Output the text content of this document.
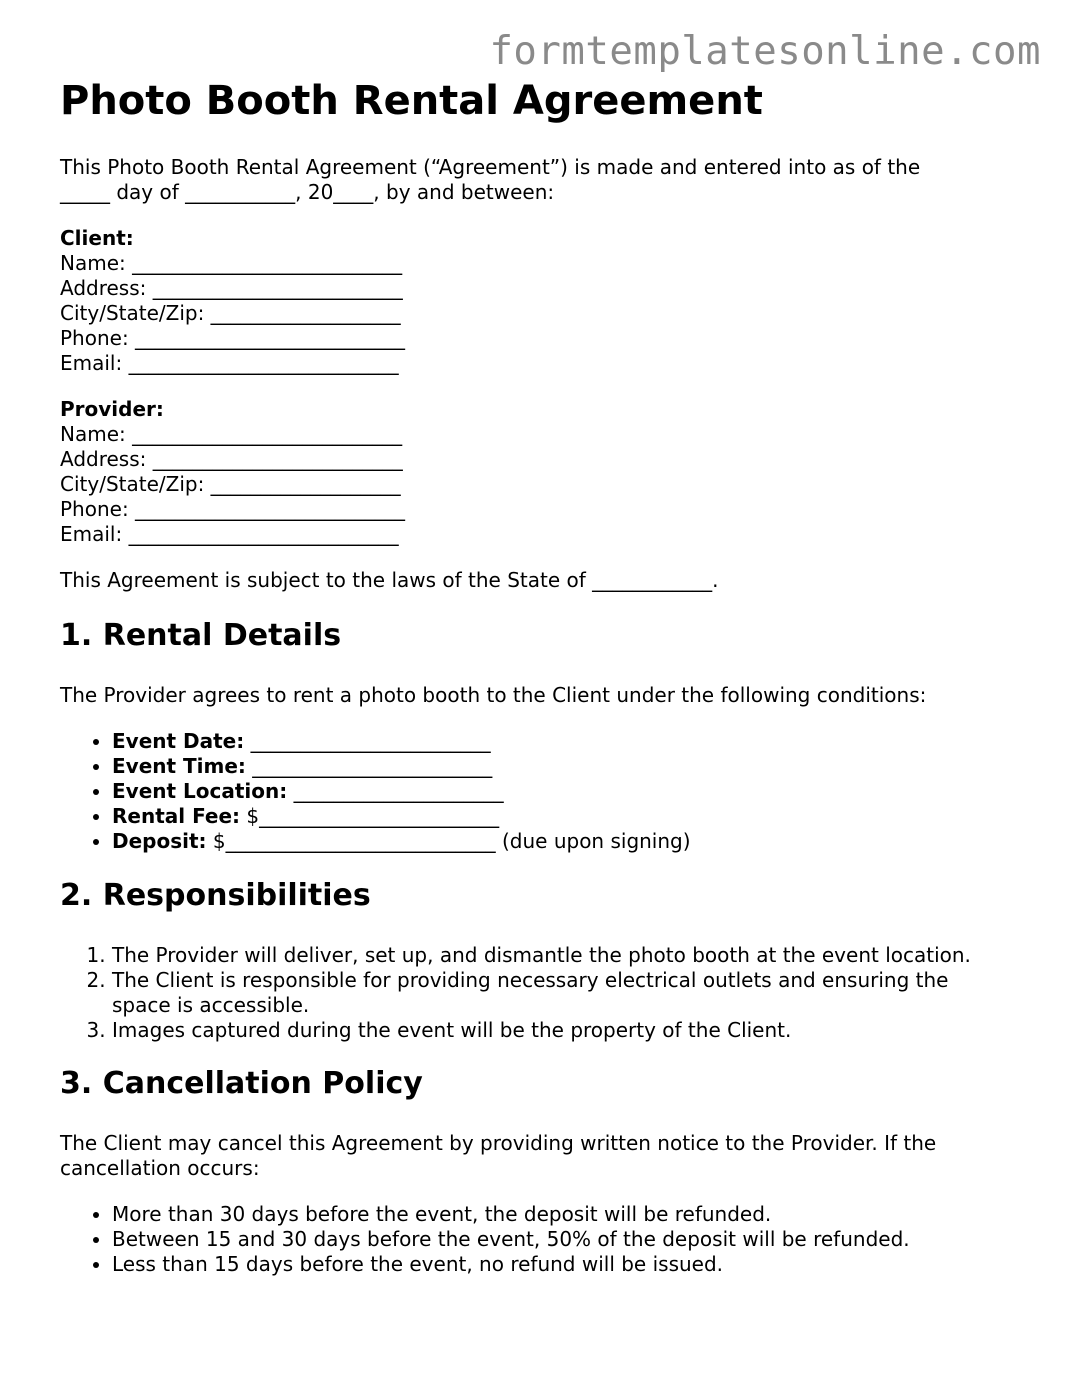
formtemplatesonline.com
Photo Booth Rental Agreement
This Photo Booth Rental Agreement (“Agreement”) is made and entered into as of the
_____ day of ___________, 20____, by and between:
Client:
Name: ___________________________
Address: _________________________
City/State/Zip: ___________________
Phone: ___________________________
Email: ___________________________
Provider:
Name: ___________________________
Address: _________________________
City/State/Zip: ___________________
Phone: ___________________________
Email: ___________________________
This Agreement is subject to the laws of the State of ____________.
1. Rental Details
The Provider agrees to rent a photo booth to the Client under the following conditions:
• Event Date: ________________________
• Event Time: ________________________
• Event Location: _____________________
• Rental Fee: $________________________
• Deposit: $___________________________ (due upon signing)
2. Responsibilities
1. The Provider will deliver, set up, and dismantle the photo booth at the event location.
2. The Client is responsible for providing necessary electrical outlets and ensuring the space is accessible.
3. Images captured during the event will be the property of the Client.
3. Cancellation Policy
The Client may cancel this Agreement by providing written notice to the Provider. If the cancellation occurs:
• More than 30 days before the event, the deposit will be refunded.
• Between 15 and 30 days before the event, 50% of the deposit will be refunded.
• Less than 15 days before the event, no refund will be issued.
